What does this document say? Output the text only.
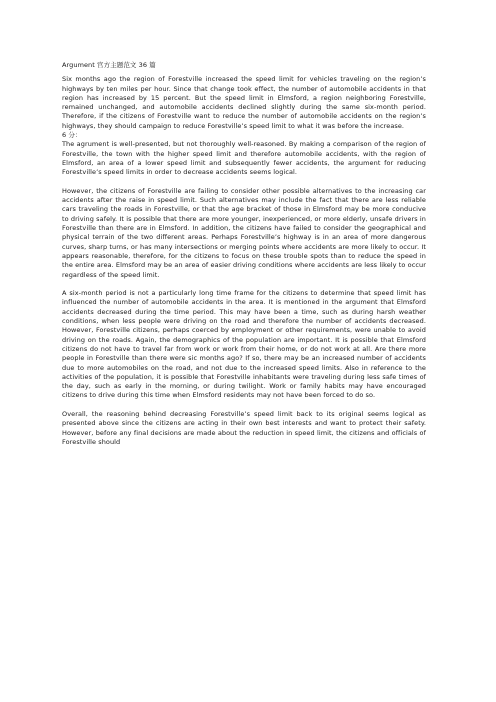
Argument 官方主题范文 36 篇

Six months ago the region of Forestville increased the speed limit for vehicles traveling on the region’s highways by ten miles per hour. Since that change took effect, the number of automobile accidents in that region has increased by 15 percent. But the speed limit in Elmsford, a region neighboring Forestville, remained unchanged, and automobile accidents declined slightly during the same six-month period. Therefore, if the citizens of Forestville want to reduce the number of automobile accidents on the region’s highways, they should campaign to reduce Forestville’s speed limit to what it was before the increase.

6 分：

The agrument is well-presented, but not thoroughly well-reasoned. By making a comparison of the region of Forestville, the town with the higher speed limit and therefore automobile accidents, with the region of Elmsford, an area of a lower speed limit and subsequently fewer accidents, the argument for reducing Forestville’s speed limits in order to decrease accidents seems logical.

However, the citizens of Forestville are failing to consider other possible alternatives to the increasing car accidents after the raise in speed limit. Such alternatives may include the fact that there are less reliable cars traveling the roads in Forestville, or that the age bracket of those in Elmsford may be more conducive to driving safely. It is possible that there are more younger, inexperienced, or more elderly, unsafe drivers in Forestville than there are in Elmsford. In addition, the citizens have failed to consider the geographical and physical terrain of the two different areas. Perhaps Forestville’s highway is in an area of more dangerous curves, sharp turns, or has many intersections or merging points where accidents are more likely to occur. It appears reasonable, therefore, for the citizens to focus on these trouble spots than to reduce the speed in the entire area. Elmsford may be an area of easier driving conditions where accidents are less likely to occur regardless of the speed limit.

A six-month period is not a particularly long time frame for the citizens to determine that speed limit has influenced the number of automobile accidents in the area. It is mentioned in the argument that Elmsford accidents decreased during the time period. This may have been a time, such as during harsh weather conditions, when less people were driving on the road and therefore the number of accidents decreased. However, Forestville citizens, perhaps coerced by employment or other requirements, were unable to avoid driving on the roads. Again, the demographics of the population are important. It is possible that Elmsford citizens do not have to travel far from work or work from their home, or do not work at all. Are there more people in Forestville than there were sic months ago? If so, there may be an increased number of accidents due to more automobiles on the road, and not due to the increased speed limits. Also in reference to the activities of the population, it is possible that Forestville inhabitants were traveling during less safe times of the day, such as early in the morning, or during twilight. Work or family habits may have encouraged citizens to drive during this time when Elmsford residents may not have been forced to do so.

Overall, the reasoning behind decreasing Forestville’s speed limit back to its original seems logical as presented above since the citizens are acting in their own best interests and want to protect their safety. However, before any final decisions are made about the reduction in speed limit, the citizens and officials of Forestville should
